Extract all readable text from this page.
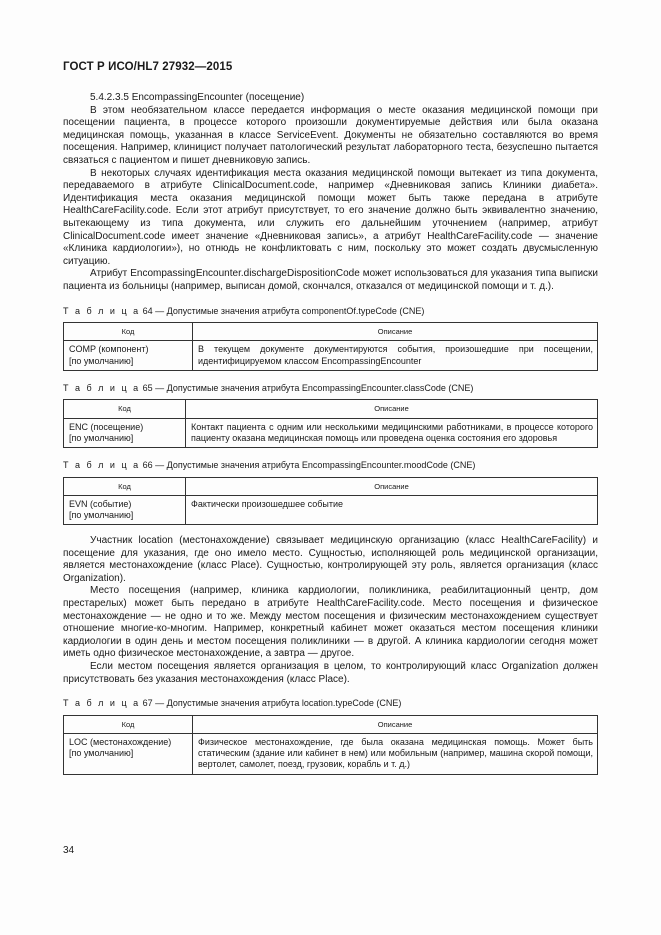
ГОСТ Р ИСО/HL7 27932—2015

5.4.2.3.5 EncompassingEncounter (посещение)

В этом необязательном классе передается информация о месте оказания медицинской помощи при посещении пациента, в процессе которого произошли документируемые действия или была оказана медицинская помощь, указанная в классе ServiceEvent. Документы не обязательно составляются во время посещения. Например, клиницист получает патологический результат лабораторного теста, безуспешно пытается связаться с пациентом и пишет дневниковую запись.

В некоторых случаях идентификация места оказания медицинской помощи вытекает из типа документа, передаваемого в атрибуте ClinicalDocument.code, например «Дневниковая запись Клиники диабета». Идентификация места оказания медицинской помощи может быть также передана в атрибуте HealthCareFacility.code. Если этот атрибут присутствует, то его значение должно быть эквивалентно значению, вытекающему из типа документа, или служить его дальнейшим уточнением (например, атрибут ClinicalDocument.code имеет значение «Дневниковая запись», а атрибут HealthCareFacility.code — значение «Клиника кардиологии»), но отнюдь не конфликтовать с ним, поскольку это может создать двусмысленную ситуацию.

Атрибут EncompassingEncounter.dischargeDispositionCode может использоваться для указания типа выписки пациента из больницы (например, выписан домой, скончался, отказался от медицинской помощи и т. д.).

Т а б л и ц а 64 — Допустимые значения атрибута componentOf.typeCode (CNE)
Код	Описание

COMP (компонент)
[по умолчанию]	В текущем документе документируются события, произошедшие при посещении, идентифицируемом классом EncompassingEncounter
Т а б л и ц а 65 — Допустимые значения атрибута EncompassingEncounter.classCode (CNE)
Код	Описание

ENC (посещение)
[по умолчанию]	Контакт пациента с одним или несколькими медицинскими работниками, в процессе которого пациенту оказана медицинская помощь или проведена оценка состояния его здоровья
Т а б л и ц а 66 — Допустимые значения атрибута EncompassingEncounter.moodCode (CNE)
Код	Описание

EVN (событие)
[по умолчанию]	Фактически произошедшее событие

Участник location (местонахождение) связывает медицинскую организацию (класс HealthCareFacility) и посещение для указания, где оно имело место. Сущностью, исполняющей роль медицинской организации, является местонахождение (класс Place). Сущностью, контролирующей эту роль, является организация (класс Organization).

Место посещения (например, клиника кардиологии, поликлиника, реабилитационный центр, дом престарелых) может быть передано в атрибуте HealthCareFacility.code. Место посещения и физическое местонахождение — не одно и то же. Между местом посещения и физическим местонахождением существует отношение многие-ко-многим. Например, конкретный кабинет может оказаться местом посещения клиники кардиологии в один день и местом посещения поликлиники — в другой. А клиника кардиологии сегодня может иметь одно физическое местонахождение, а завтра — другое.

Если местом посещения является организация в целом, то контролирующий класс Organization должен присутствовать без указания местонахождения (класс Place).

Т а б л и ц а 67 — Допустимые значения атрибута location.typeCode (CNE)
Код	Описание

LOC (местонахождение)
[по умолчанию]	Физическое местонахождение, где была оказана медицинская помощь. Может быть статическим (здание или кабинет в нем) или мобильным (например, машина скорой помощи, вертолет, самолет, поезд, грузовик, корабль и т. д.)
34
